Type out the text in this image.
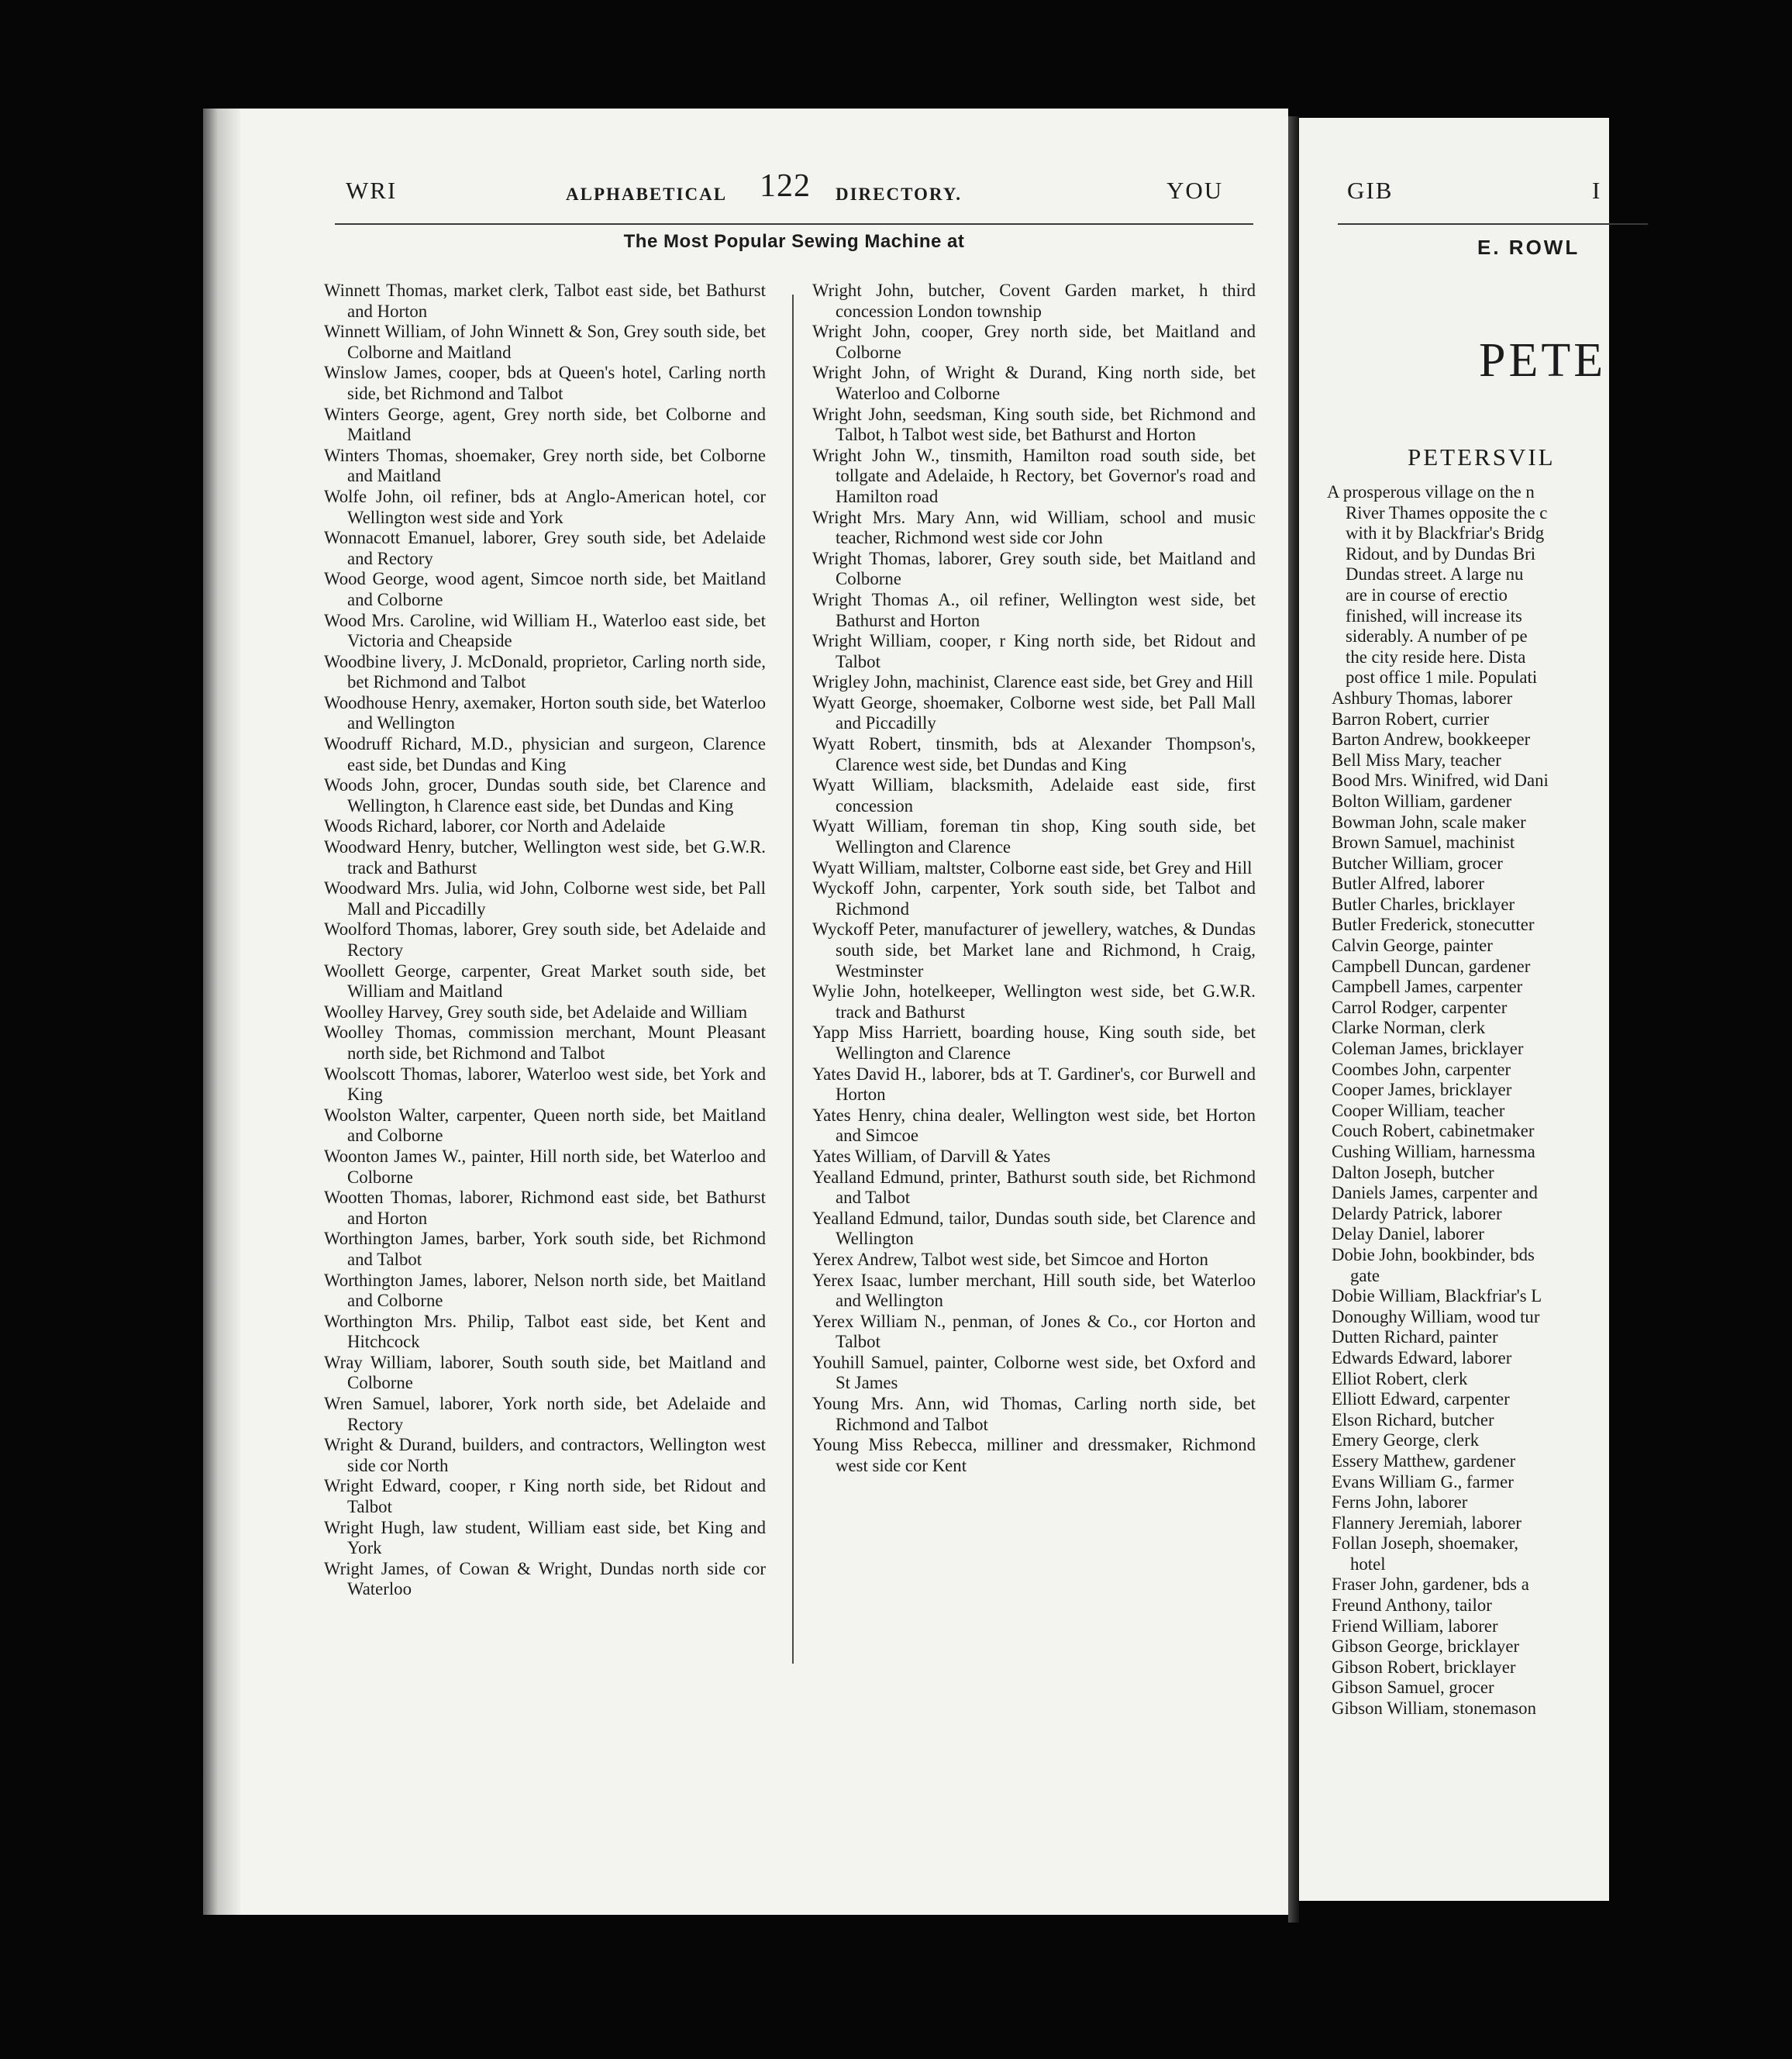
WRI	ALPHABETICAL 122 DIRECTORY.	YOU
The Most Popular Sewing Machine at

Winnett Thomas, market clerk, Talbot east side, bet Bathurst and Horton

Winnett William, of John Winnett & Son, Grey south side, bet Colborne and Maitland

Winslow James, cooper, bds at Queen's hotel, Carling north side, bet Richmond and Talbot

Winters George, agent, Grey north side, bet Colborne and Maitland

Winters Thomas, shoemaker, Grey north side, bet Colborne and Maitland

Wolfe John, oil refiner, bds at Anglo-American hotel, cor Wellington west side and York

Wonnacott Emanuel, laborer, Grey south side, bet Adelaide and Rectory

Wood George, wood agent, Simcoe north side, bet Maitland and Colborne

Wood Mrs. Caroline, wid William H., Waterloo east side, bet Victoria and Cheapside

Woodbine livery, J. McDonald, proprietor, Carling north side, bet Richmond and Talbot

Woodhouse Henry, axemaker, Horton south side, bet Waterloo and Wellington

Woodruff Richard, M.D., physician and surgeon, Clarence east side, bet Dundas and King

Woods John, grocer, Dundas south side, bet Clarence and Wellington, h Clarence east side, bet Dundas and King

Woods Richard, laborer, cor North and Adelaide

Woodward Henry, butcher, Wellington west side, bet G.W.R. track and Bathurst

Woodward Mrs. Julia, wid John, Colborne west side, bet Pall Mall and Piccadilly

Woolford Thomas, laborer, Grey south side, bet Adelaide and Rectory

Woollett George, carpenter, Great Market south side, bet William and Maitland

Woolley Harvey, Grey south side, bet Adelaide and William

Woolley Thomas, commission merchant, Mount Pleasant north side, bet Richmond and Talbot

Woolscott Thomas, laborer, Waterloo west side, bet York and King

Woolston Walter, carpenter, Queen north side, bet Maitland and Colborne

Woonton James W., painter, Hill north side, bet Waterloo and Colborne

Wootten Thomas, laborer, Richmond east side, bet Bathurst and Horton

Worthington James, barber, York south side, bet Richmond and Talbot

Worthington James, laborer, Nelson north side, bet Maitland and Colborne

Worthington Mrs. Philip, Talbot east side, bet Kent and Hitchcock

Wray William, laborer, South south side, bet Maitland and Colborne

Wren Samuel, laborer, York north side, bet Adelaide and Rectory

Wright & Durand, builders, and contractors, Wellington west side cor North

Wright Edward, cooper, r King north side, bet Ridout and Talbot

Wright Hugh, law student, William east side, bet King and York

Wright James, of Cowan & Wright, Dundas north side cor Waterloo

Wright John, butcher, Covent Garden market, h third concession London township

Wright John, cooper, Grey north side, bet Maitland and Colborne

Wright John, of Wright & Durand, King north side, bet Waterloo and Colborne

Wright John, seedsman, King south side, bet Richmond and Talbot, h Talbot west side, bet Bathurst and Horton

Wright John W., tinsmith, Hamilton road south side, bet tollgate and Adelaide, h Rectory, bet Governor's road and Hamilton road

Wright Mrs. Mary Ann, wid William, school and music teacher, Richmond west side cor John

Wright Thomas, laborer, Grey south side, bet Maitland and Colborne

Wright Thomas A., oil refiner, Wellington west side, bet Bathurst and Horton

Wright William, cooper, r King north side, bet Ridout and Talbot

Wrigley John, machinist, Clarence east side, bet Grey and Hill

Wyatt George, shoemaker, Colborne west side, bet Pall Mall and Piccadilly

Wyatt Robert, tinsmith, bds at Alexander Thompson's, Clarence west side, bet Dundas and King

Wyatt William, blacksmith, Adelaide east side, first concession

Wyatt William, foreman tin shop, King south side, bet Wellington and Clarence

Wyatt William, maltster, Colborne east side, bet Grey and Hill

Wyckoff John, carpenter, York south side, bet Talbot and Richmond

Wyckoff Peter, manufacturer of jewellery, watches, & Dundas south side, bet Market lane and Richmond, h Craig, Westminster

Wylie John, hotelkeeper, Wellington west side, bet G.W.R. track and Bathurst

Yapp Miss Harriett, boarding house, King south side, bet Wellington and Clarence

Yates David H., laborer, bds at T. Gardiner's, cor Burwell and Horton

Yates Henry, china dealer, Wellington west side, bet Horton and Simcoe

Yates William, of Darvill & Yates

Yealland Edmund, printer, Bathurst south side, bet Richmond and Talbot

Yealland Edmund, tailor, Dundas south side, bet Clarence and Wellington

Yerex Andrew, Talbot west side, bet Simcoe and Horton

Yerex Isaac, lumber merchant, Hill south side, bet Waterloo and Wellington

Yerex William N., penman, of Jones & Co., cor Horton and Talbot

Youhill Samuel, painter, Colborne west side, bet Oxford and St James

Young Mrs. Ann, wid Thomas, Carling north side, bet Richmond and Talbot

Young Miss Rebecca, milliner and dressmaker, Richmond west side cor Kent

GIB	I
E. ROWL
PETE
PETERSVIL

A prosperous village on the n

River Thames opposite the c

with it by Blackfriar's Bridg

Ridout, and by Dundas Bri

Dundas street. A large nu

are in course of erectio

finished, will increase its

siderably. A number of pe

the city reside here. Dista

post office 1 mile. Populati

Ashbury Thomas, laborer

Barron Robert, currier

Barton Andrew, bookkeeper

Bell Miss Mary, teacher

Bood Mrs. Winifred, wid Dani

Bolton William, gardener

Bowman John, scale maker

Brown Samuel, machinist

Butcher William, grocer

Butler Alfred, laborer

Butler Charles, bricklayer

Butler Frederick, stonecutter

Calvin George, painter

Campbell Duncan, gardener

Campbell James, carpenter

Carrol Rodger, carpenter

Clarke Norman, clerk

Coleman James, bricklayer

Coombes John, carpenter

Cooper James, bricklayer

Cooper William, teacher

Couch Robert, cabinetmaker

Cushing William, harnessma

Dalton Joseph, butcher

Daniels James, carpenter and

Delardy Patrick, laborer

Delay Daniel, laborer

Dobie John, bookbinder, bds

gate

Dobie William, Blackfriar's L

Donoughy William, wood tur

Dutten Richard, painter

Edwards Edward, laborer

Elliot Robert, clerk

Elliott Edward, carpenter

Elson Richard, butcher

Emery George, clerk

Essery Matthew, gardener

Evans William G., farmer

Ferns John, laborer

Flannery Jeremiah, laborer

Follan Joseph, shoemaker,

hotel

Fraser John, gardener, bds a

Freund Anthony, tailor

Friend William, laborer

Gibson George, bricklayer

Gibson Robert, bricklayer

Gibson Samuel, grocer

Gibson William, stonemason
